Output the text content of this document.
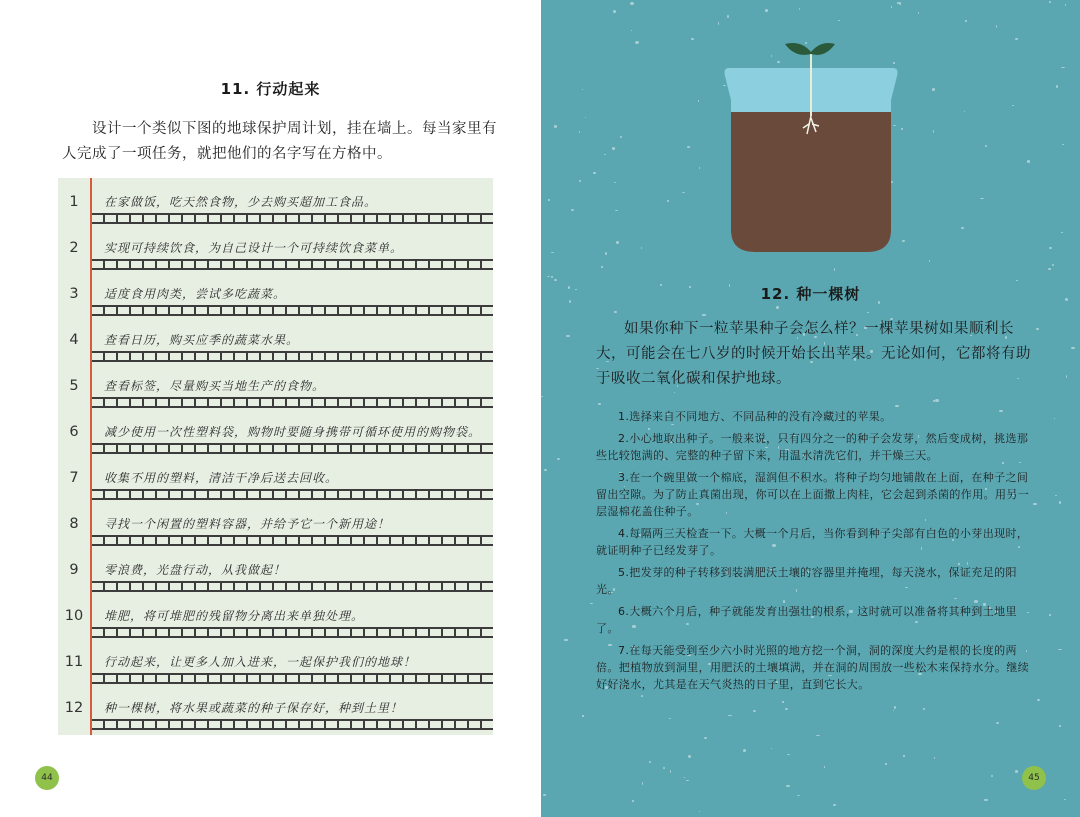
11. 行动起来
设计一个类似下图的地球保护周计划，挂在墙上。每当家里有人完成了一项任务，就把他们的名字写在方格中。
1	在家做饭，吃天然食物，少去购买超加工食品。
2	实现可持续饮食，为自己设计一个可持续饮食菜单。
3	适度食用肉类，尝试多吃蔬菜。
4	查看日历，购买应季的蔬菜水果。
5	查看标签，尽量购买当地生产的食物。
6	减少使用一次性塑料袋，购物时要随身携带可循环使用的购物袋。
7	收集不用的塑料，清洁干净后送去回收。
8	寻找一个闲置的塑料容器，并给予它一个新用途！
9	零浪费，光盘行动，从我做起！
10	堆肥，将可堆肥的残留物分离出来单独处理。
11	行动起来，让更多人加入进来，一起保护我们的地球！
12	种一棵树，将水果或蔬菜的种子保存好，种到土里！
44
12. 种一棵树
如果你种下一粒苹果种子会怎么样？一棵苹果树如果顺利长大，可能会在七八岁的时候开始长出苹果。无论如何，它都将有助于吸收二氧化碳和保护地球。

1.选择来自不同地方、不同品种的没有冷藏过的苹果。

2.小心地取出种子。一般来说，只有四分之一的种子会发芽，然后变成树，挑选那些比较饱满的、完整的种子留下来，用温水清洗它们，并干燥三天。

3.在一个碗里做一个棉底，湿润但不积水。将种子均匀地铺散在上面，在种子之间留出空隙。为了防止真菌出现，你可以在上面撒上肉桂，它会起到杀菌的作用。用另一层湿棉花盖住种子。

4.每隔两三天检查一下。大概一个月后，当你看到种子尖部有白色的小芽出现时，就证明种子已经发芽了。

5.把发芽的种子转移到装满肥沃土壤的容器里并掩埋，每天浇水，保证充足的阳光。

6.大概六个月后，种子就能发育出强壮的根系，这时就可以准备将其种到土地里了。

7.在每天能受到至少六小时光照的地方挖一个洞，洞的深度大约是根的长度的两倍。把植物放到洞里，用肥沃的土壤填满，并在洞的周围放一些松木来保持水分。继续好好浇水，尤其是在天气炎热的日子里，直到它长大。

45
